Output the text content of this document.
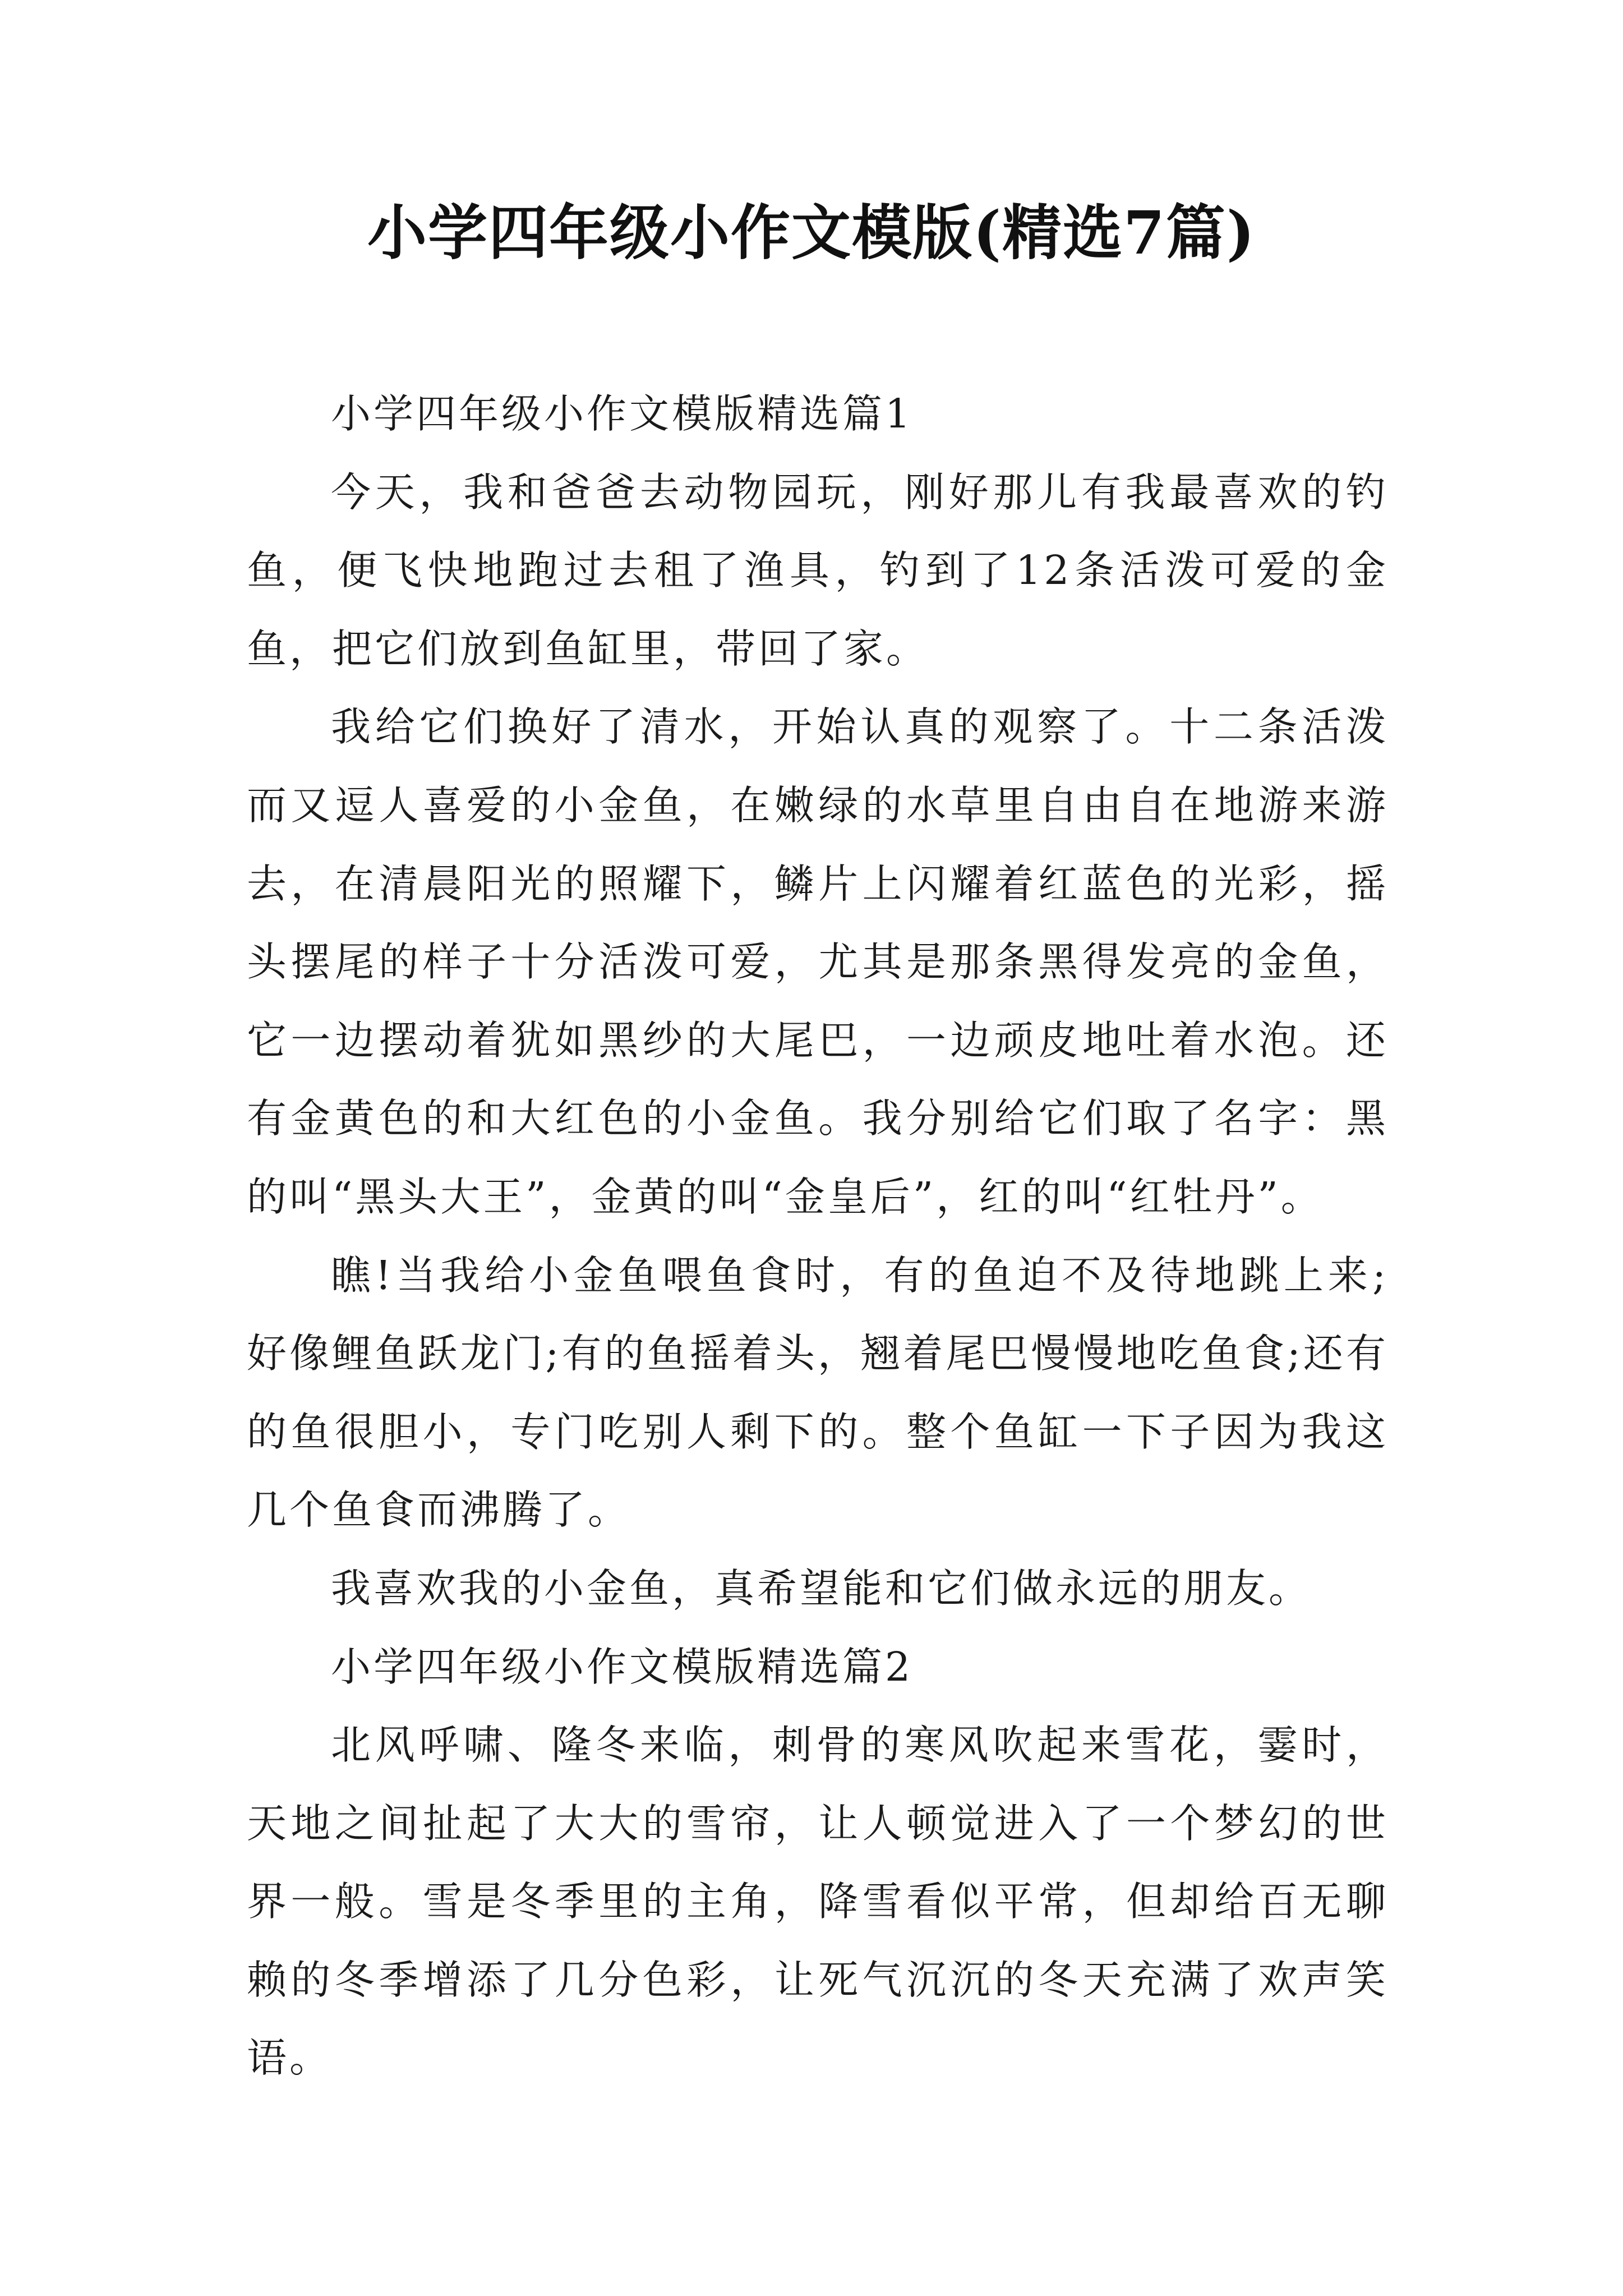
小学四年级小作文模版(精选7篇)

小学四年级小作文模版精选篇1

今天，我和爸爸去动物园玩，刚好那儿有我最喜欢的钓鱼，便飞快地跑过去租了渔具，钓到了12条活泼可爱的金鱼，把它们放到鱼缸里，带回了家。

我给它们换好了清水，开始认真的观察了。十二条活泼而又逗人喜爱的小金鱼，在嫩绿的水草里自由自在地游来游去，在清晨阳光的照耀下，鳞片上闪耀着红蓝色的光彩，摇头摆尾的样子十分活泼可爱，尤其是那条黑得发亮的金鱼，它一边摆动着犹如黑纱的大尾巴，一边顽皮地吐着水泡。还有金黄色的和大红色的小金鱼。我分别给它们取了名字：黑的叫“黑头大王”，金黄的叫“金皇后”，红的叫“红牡丹”。

瞧!当我给小金鱼喂鱼食时，有的鱼迫不及待地跳上来;好像鲤鱼跃龙门;有的鱼摇着头，翘着尾巴慢慢地吃鱼食;还有的鱼很胆小，专门吃别人剩下的。整个鱼缸一下子因为我这几个鱼食而沸腾了。

我喜欢我的小金鱼，真希望能和它们做永远的朋友。

小学四年级小作文模版精选篇2

北风呼啸、隆冬来临，刺骨的寒风吹起来雪花，霎时，天地之间扯起了大大的雪帘，让人顿觉进入了一个梦幻的世界一般。雪是冬季里的主角，降雪看似平常，但却给百无聊赖的冬季增添了几分色彩，让死气沉沉的冬天充满了欢声笑语。
